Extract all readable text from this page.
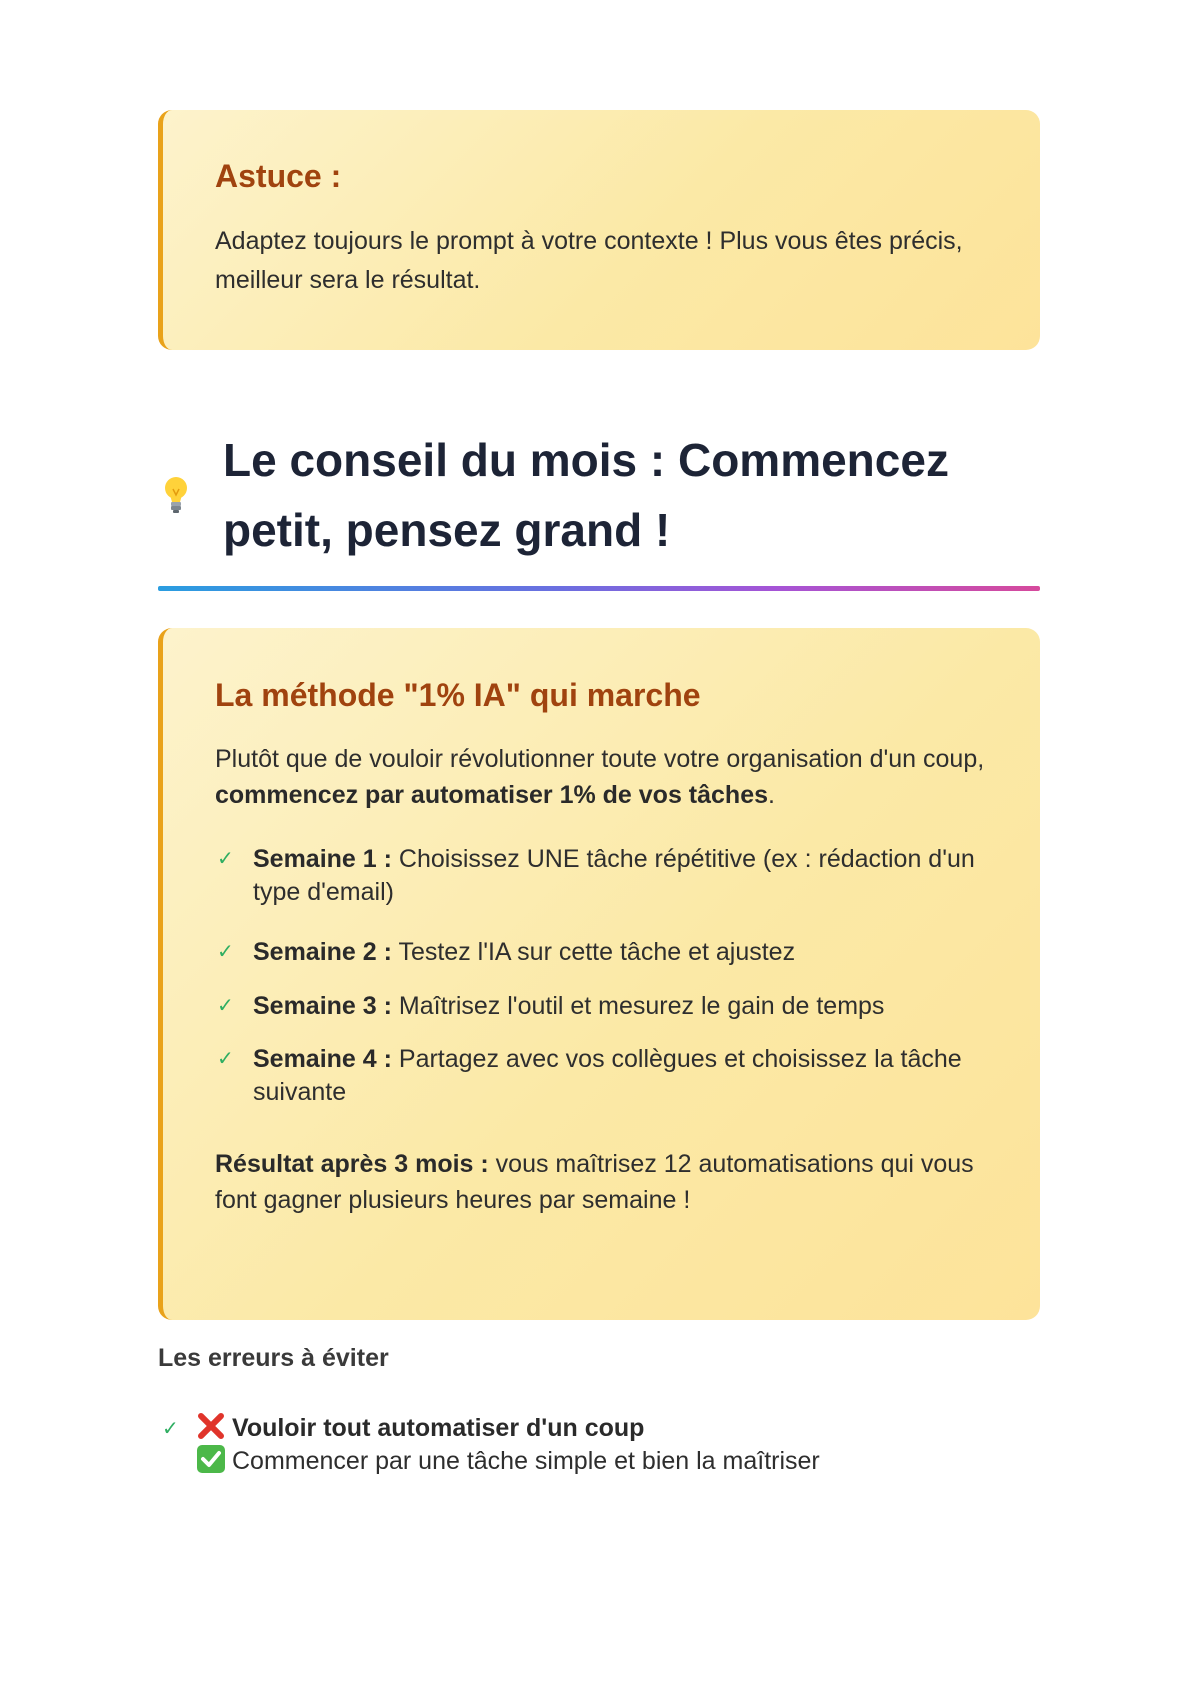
Astuce :
Adaptez toujours le prompt à votre contexte ! Plus vous êtes précis, meilleur sera le résultat.
Le conseil du mois : Commencez petit, pensez grand !
La méthode "1% IA" qui marche
Plutôt que de vouloir révolutionner toute votre organisation d'un coup, commencez par automatiser 1% de vos tâches.
✓ Semaine 1 : Choisissez UNE tâche répétitive (ex : rédaction d'un type d'email)
✓ Semaine 2 : Testez l'IA sur cette tâche et ajustez
✓ Semaine 3 : Maîtrisez l'outil et mesurez le gain de temps
✓ Semaine 4 : Partagez avec vos collègues et choisissez la tâche suivante
Résultat après 3 mois : vous maîtrisez 12 automatisations qui vous font gagner plusieurs heures par semaine !
Les erreurs à éviter
✓	Vouloir tout automatiser d'un coup
Commencer par une tâche simple et bien la maîtriser
